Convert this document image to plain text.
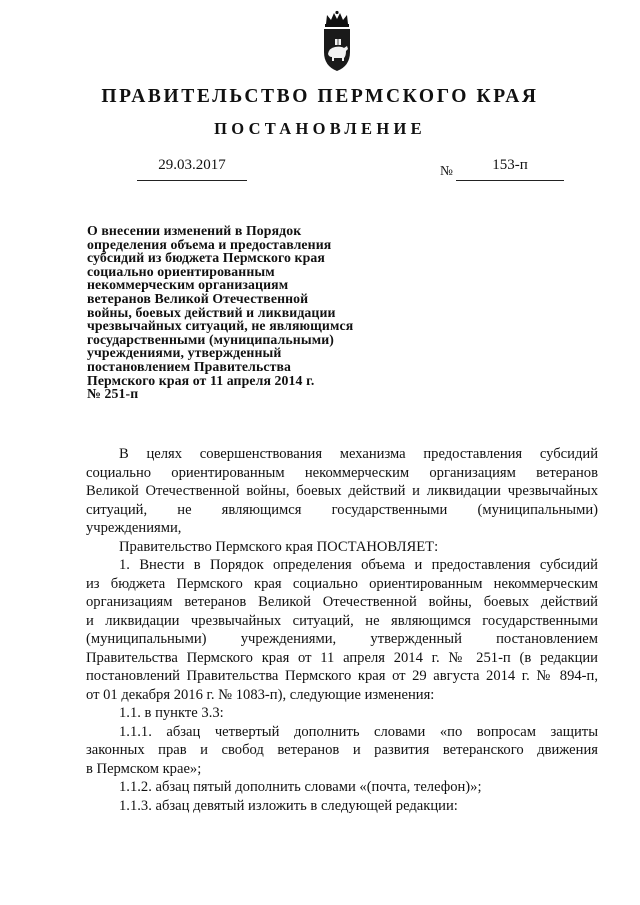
ПРАВИТЕЛЬСТВО ПЕРМСКОГО КРАЯ
ПОСТАНОВЛЕНИЕ
29.03.2017	№	153-п
О внесении изменений в Порядок
определения объема и предоставления
субсидий из бюджета Пермского края
социально ориентированным
некоммерческим организациям
ветеранов Великой Отечественной
войны, боевых действий и ликвидации
чрезвычайных ситуаций, не являющимся
государственными (муниципальными)
учреждениями, утвержденный
постановлением Правительства
Пермского края от 11 апреля 2014 г.
№ 251-п

В целях совершенствования механизма предоставления субсидий
социально ориентированным некоммерческим организациям ветеранов
Великой Отечественной войны, боевых действий и ликвидации чрезвычайных
ситуаций, не являющимся государственными (муниципальными)
учреждениями,

Правительство Пермского края ПОСТАНОВЛЯЕТ:

1. Внести в Порядок определения объема и предоставления субсидий
из бюджета Пермского края социально ориентированным некоммерческим
организациям ветеранов Великой Отечественной войны, боевых действий
и ликвидации чрезвычайных ситуаций, не являющимся государственными
(муниципальными) учреждениями, утвержденный постановлением
Правительства Пермского края от 11 апреля 2014 г. № 251-п (в редакции
постановлений Правительства Пермского края от 29 августа 2014 г. № 894-п,
от 01 декабря 2016 г. № 1083-п), следующие изменения:

1.1. в пункте 3.3:

1.1.1. абзац четвертый дополнить словами «по вопросам защиты
законных прав и свобод ветеранов и развития ветеранского движения
в Пермском крае»;

1.1.2. абзац пятый дополнить словами «(почта, телефон)»;

1.1.3. абзац девятый изложить в следующей редакции:
